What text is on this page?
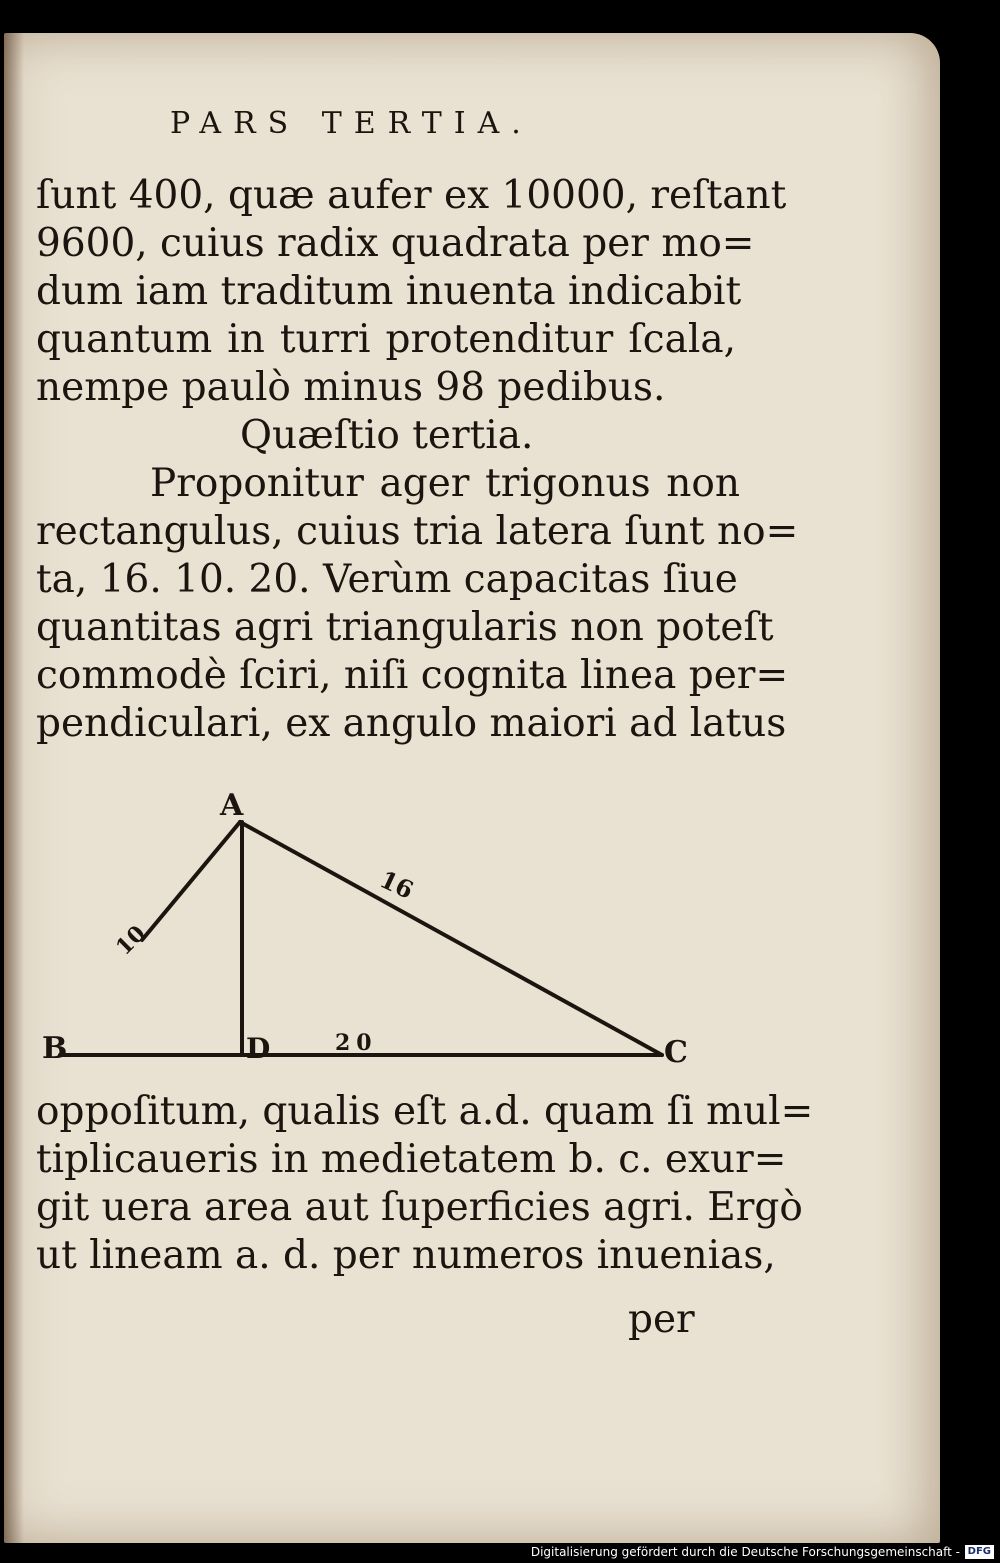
PARS TERTIA.

ſunt 400, quæ aufer ex 10000, reſtant

9600, cuius radix quadrata per mo=

dum iam traditum inuenta indicabit

quantum in turri protenditur ſcala,

nempe paulò minus 98 pedibus.

Quæſtio tertia.

Proponitur ager trigonus non

rectangulus, cuius tria latera ſunt no=

ta, 16. 10. 20. Verùm capacitas ſiue

quantitas agri triangularis non poteſt

commodè ſciri, niſi cognita linea per=

pendiculari, ex angulo maiori ad latus

A
B	C
D
10
16
20

oppoſitum, qualis eſt a.d. quam ſi mul=

tiplicaueris in medietatem b. c. exur=

git uera area aut ſuperficies agri. Ergò

ut lineam a. d. per numeros inuenias,

per
Digitalisierung gefördert durch die Deutsche Forschungsgemeinschaft - DFG
